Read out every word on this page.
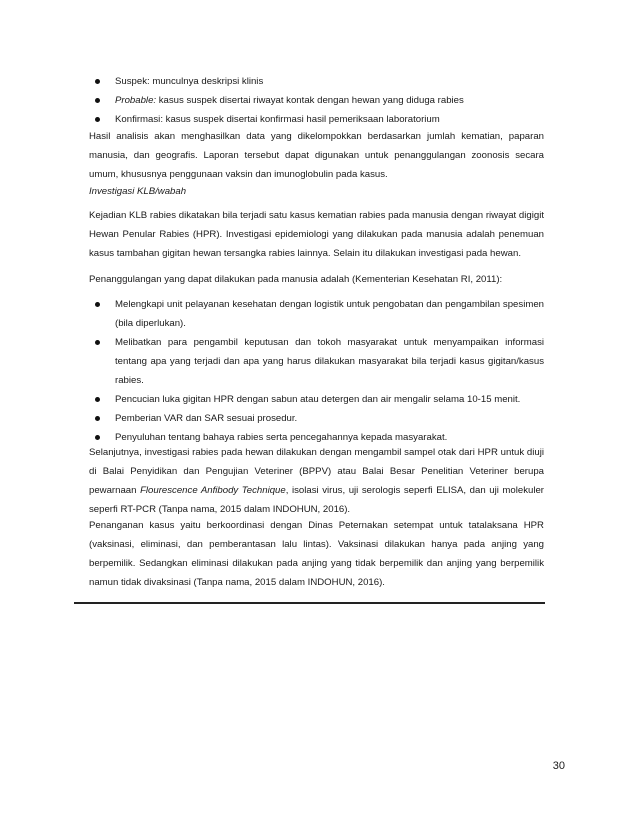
Suspek: munculnya deskripsi klinis
Probable: kasus suspek disertai riwayat kontak dengan hewan yang diduga rabies
Konfirmasi: kasus suspek disertai konfirmasi hasil pemeriksaan laboratorium

Hasil analisis akan menghasilkan data yang dikelompokkan berdasarkan jumlah kematian, paparan manusia, dan geografis. Laporan tersebut dapat digunakan untuk penanggulangan zoonosis secara umum, khususnya penggunaan vaksin dan imunoglobulin pada kasus.

Investigasi KLB/wabah

Kejadian KLB rabies dikatakan bila terjadi satu kasus kematian rabies pada manusia dengan riwayat digigit Hewan Penular Rabies (HPR). Investigasi epidemiologi yang dilakukan pada manusia adalah penemuan kasus tambahan gigitan hewan tersangka rabies lainnya. Selain itu dilakukan investigasi pada hewan.

Penanggulangan yang dapat dilakukan pada manusia adalah (Kementerian Kesehatan RI, 2011):

Melengkapi unit pelayanan kesehatan dengan logistik untuk pengobatan dan pengambilan spesimen (bila diperlukan).
Melibatkan para pengambil keputusan dan tokoh masyarakat untuk menyampaikan informasi tentang apa yang terjadi dan apa yang harus dilakukan masyarakat bila terjadi kasus gigitan/kasus rabies.
Pencucian luka gigitan HPR dengan sabun atau detergen dan air mengalir selama 10-15 menit.
Pemberian VAR dan SAR sesuai prosedur.
Penyuluhan tentang bahaya rabies serta pencegahannya kepada masyarakat.

Selanjutnya, investigasi rabies pada hewan dilakukan dengan mengambil sampel otak dari HPR untuk diuji di Balai Penyidikan dan Pengujian Veteriner (BPPV) atau Balai Besar Penelitian Veteriner berupa pewarnaan Flourescence Anfibody Technique, isolasi virus, uji serologis seperfi ELISA, dan uji molekuler seperfi RT-PCR (Tanpa nama, 2015 dalam INDOHUN, 2016).

Penanganan kasus yaitu berkoordinasi dengan Dinas Peternakan setempat untuk tatalaksana HPR (vaksinasi, eliminasi, dan pemberantasan lalu lintas). Vaksinasi dilakukan hanya pada anjing yang berpemilik. Sedangkan eliminasi dilakukan pada anjing yang tidak berpemilik dan anjing yang berpemilik namun tidak divaksinasi (Tanpa nama, 2015 dalam INDOHUN, 2016).

30
